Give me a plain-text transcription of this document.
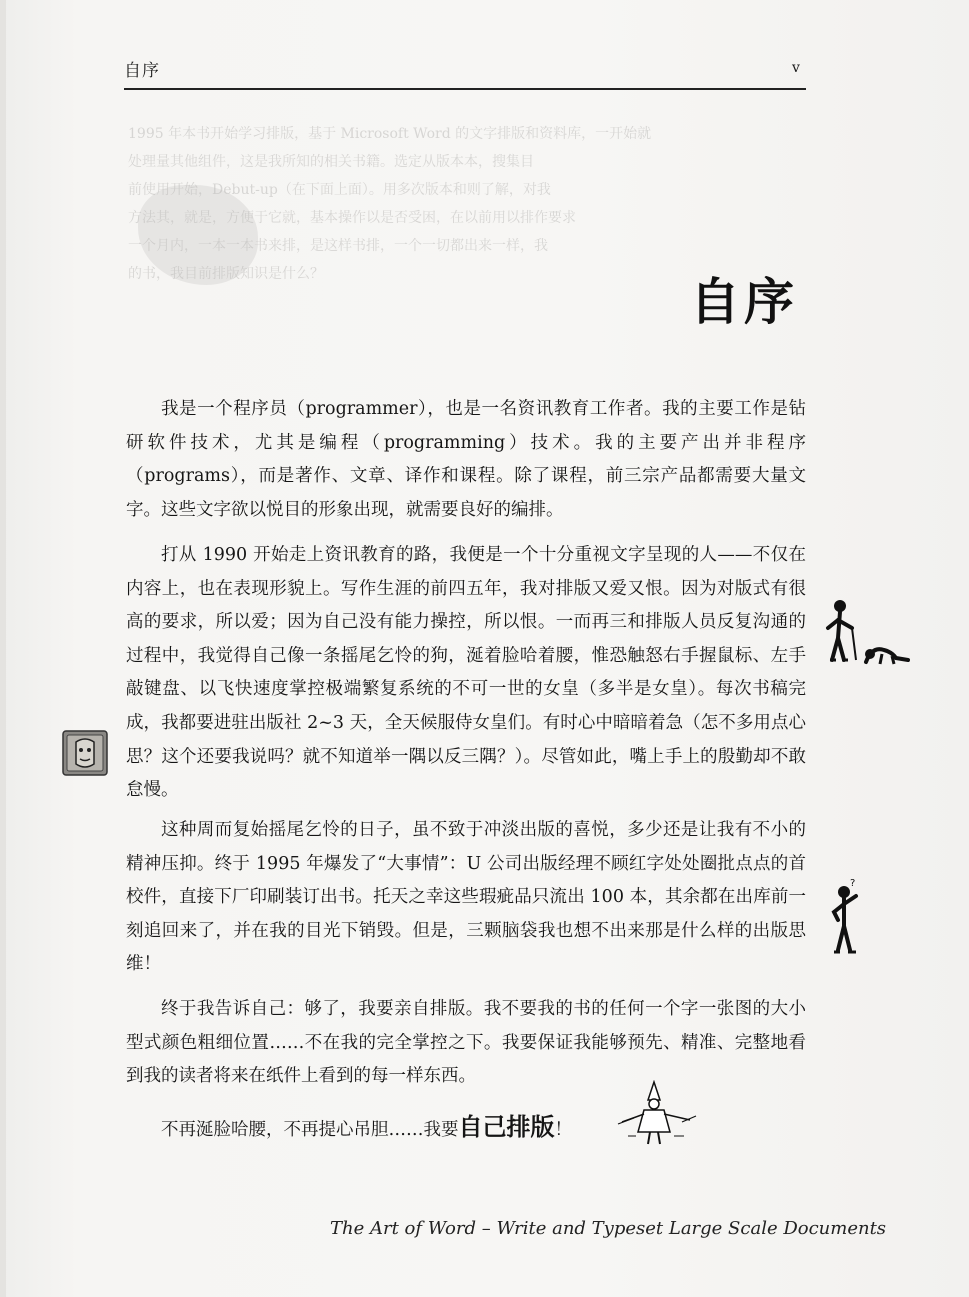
自序	v
1995 年本书开始学习排版，基于 Microsoft Word 的文字排版和资料库，一开始就
处理量其他组件，这是我所知的相关书籍。选定从版本本，搜集目
前使用开始，Debut-up（在下面上面）。用多次版本和则了解，对我
方法其，就是，方便于它就，基本操作以是否受困，在以前用以排作要求
一个月内，一本一本书来排，是这样书排，一个一切都出来一样，我
的书，我目前排版知识是什么？	自序

我是一个程序员（programmer），也是一名资讯教育工作者。我的主要工作是钻研软件技术，尤其是编程（programming）技术。我的主要产出并非程序（programs），而是著作、文章、译作和课程。除了课程，前三宗产品都需要大量文字。这些文字欲以悦目的形象出现，就需要良好的编排。

打从 1990 开始走上资讯教育的路，我便是一个十分重视文字呈现的人——不仅在内容上，也在表现形貌上。写作生涯的前四五年，我对排版又爱又恨。因为对版式有很高的要求，所以爱；因为自己没有能力操控，所以恨。一而再三和排版人员反复沟通的过程中，我觉得自己像一条摇尾乞怜的狗，涎着脸哈着腰，惟恐触怒右手握鼠标、左手敲键盘、以飞快速度掌控极端繁复系统的不可一世的女皇（多半是女皇）。每次书稿完成，我都要进驻出版社 2~3 天，全天候服侍女皇们。有时心中暗暗着急（怎不多用点心思？这个还要我说吗？就不知道举一隅以反三隅？）。尽管如此，嘴上手上的殷勤却不敢怠慢。

这种周而复始摇尾乞怜的日子，虽不致于冲淡出版的喜悦，多少还是让我有不小的精神压抑。终于 1995 年爆发了“大事情”：U 公司出版经理不顾红字处处圈批点点的首校件，直接下厂印刷装订出书。托天之幸这些瑕疵品只流出 100 本，其余都在出库前一刻追回来了，并在我的目光下销毁。但是，三颗脑袋我也想不出来那是什么样的出版思维！

终于我告诉自己：够了，我要亲自排版。我不要我的书的任何一个字一张图的大小型式颜色粗细位置……不在我的完全掌控之下。我要保证我能够预先、精准、完整地看到我的读者将来在纸件上看到的每一样东西。

不再涎脸哈腰，不再提心吊胆……我要自己排版！

?
The Art of Word – Write and Typeset Large Scale Documents
